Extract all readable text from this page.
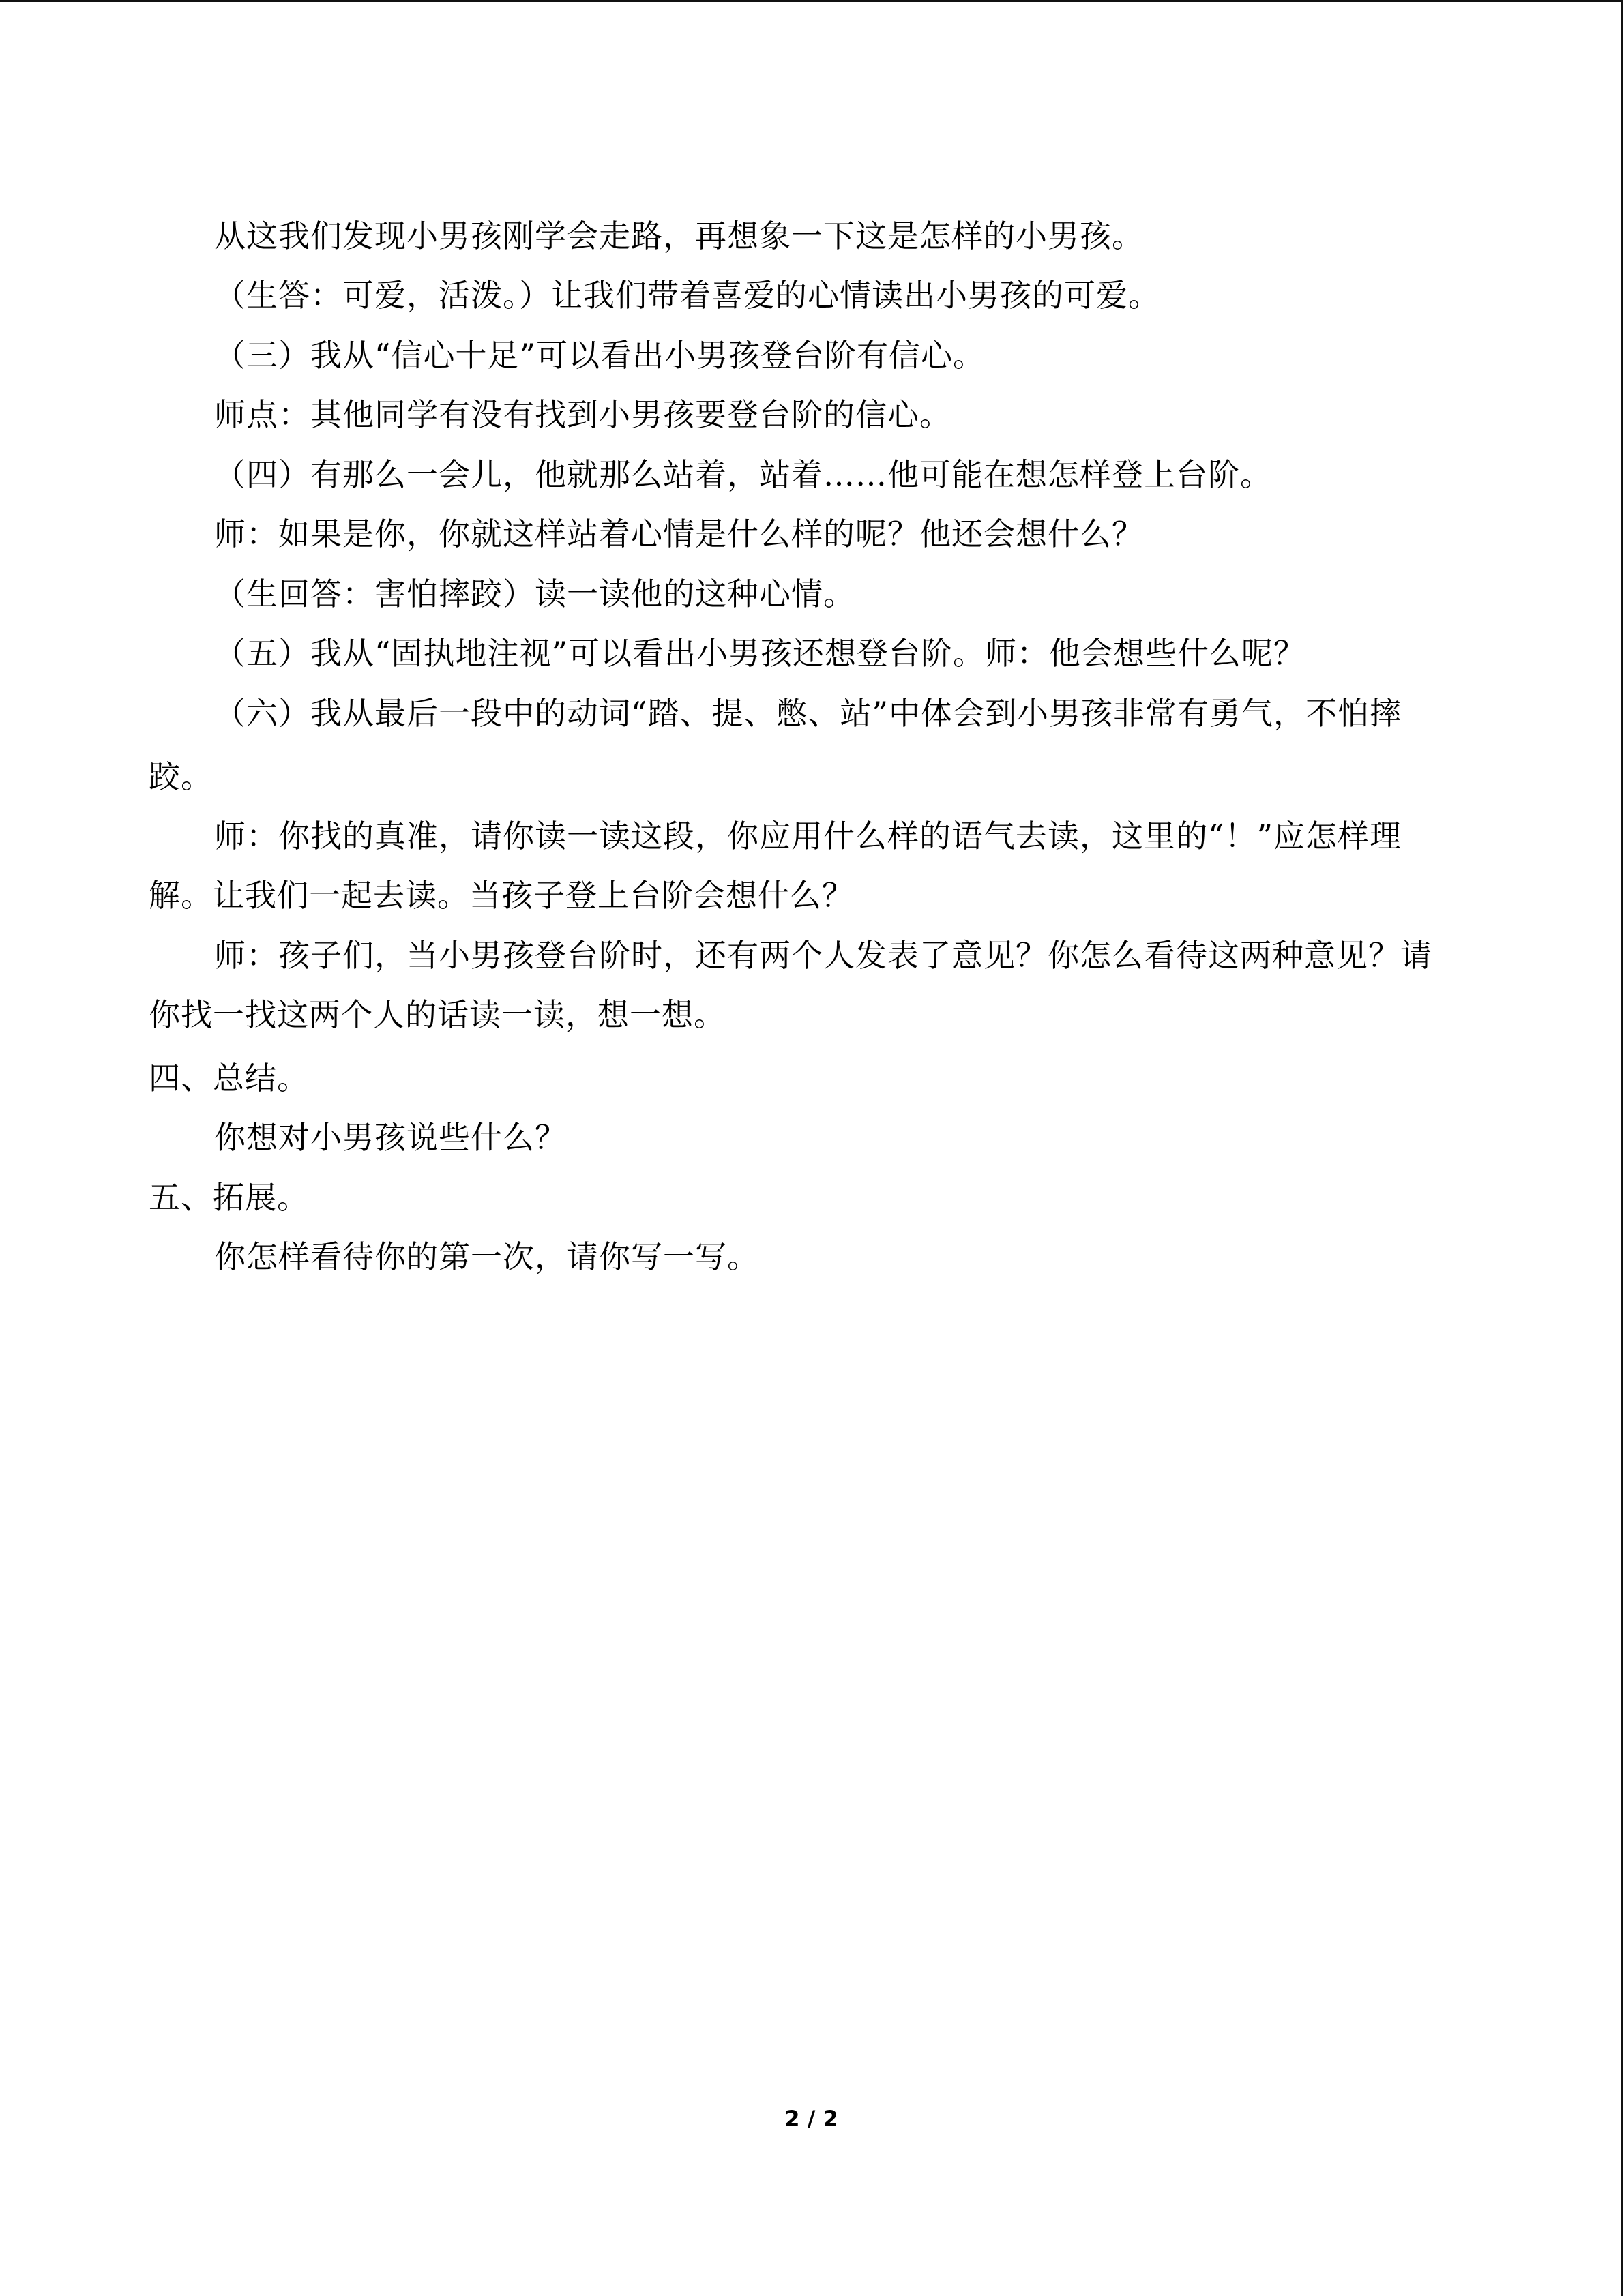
从这我们发现小男孩刚学会走路，再想象一下这是怎样的小男孩。
（生答：可爱，活泼。）让我们带着喜爱的心情读出小男孩的可爱。
（三）我从“信心十足”可以看出小男孩登台阶有信心。
师点：其他同学有没有找到小男孩要登台阶的信心。
（四）有那么一会儿，他就那么站着，站着……他可能在想怎样登上台阶。
师：如果是你，你就这样站着心情是什么样的呢？他还会想什么？
（生回答：害怕摔跤）读一读他的这种心情。
（五）我从“固执地注视”可以看出小男孩还想登台阶。师：他会想些什么呢？
（六）我从最后一段中的动词“踏、提、憋、站”中体会到小男孩非常有勇气，不怕摔
跤。
师：你找的真准，请你读一读这段，你应用什么样的语气去读，这里的“！”应怎样理
解。让我们一起去读。当孩子登上台阶会想什么？
师：孩子们，当小男孩登台阶时，还有两个人发表了意见？你怎么看待这两种意见？请
你找一找这两个人的话读一读，想一想。
四、总结。
你想对小男孩说些什么？
五、拓展。
你怎样看待你的第一次，请你写一写。
2 / 2
